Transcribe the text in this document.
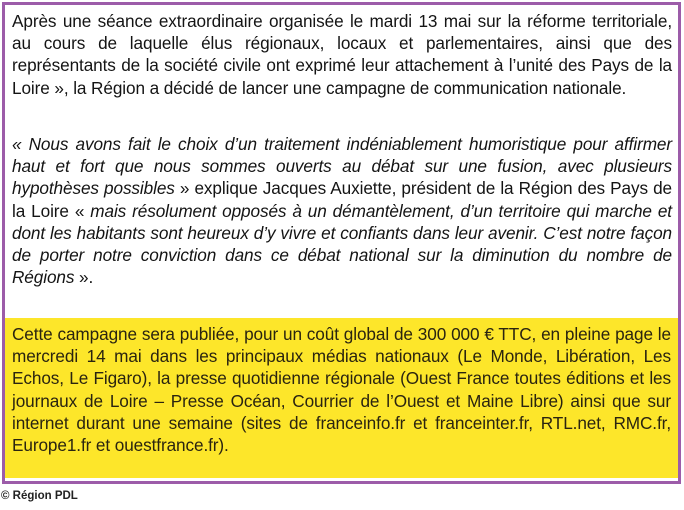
Après une séance extraordinaire organisée le mardi 13 mai sur la réforme territoriale, au cours de laquelle élus régionaux, locaux et parlementaires, ainsi que des représentants de la société civile ont exprimé leur attachement à l’unité des Pays de la Loire », la Région a décidé de lancer une campagne de communication nationale.

« Nous avons fait le choix d’un traitement indéniablement humoristique pour affirmer haut et fort que nous sommes ouverts au débat sur une fusion, avec plusieurs hypothèses possibles » explique Jacques Auxiette, président de la Région des Pays de la Loire « mais résolument opposés à un démantèlement, d’un territoire qui marche et dont les habitants sont heureux d’y vivre et confiants dans leur avenir. C’est notre façon de porter notre conviction dans ce débat national sur la diminution du nombre de Régions ».

Cette campagne sera publiée, pour un coût global de 300 000 € TTC, en pleine page le mercredi 14 mai dans les principaux médias nationaux (Le Monde, Libération, Les Echos, Le Figaro), la presse quotidienne régionale (Ouest France toutes éditions et les journaux de Loire – Presse Océan, Courrier de l’Ouest et Maine Libre) ainsi que sur internet durant une semaine (sites de franceinfo.fr et franceinter.fr, RTL.net, RMC.fr, Europe1.fr et ouestfrance.fr).

© Région PDL
